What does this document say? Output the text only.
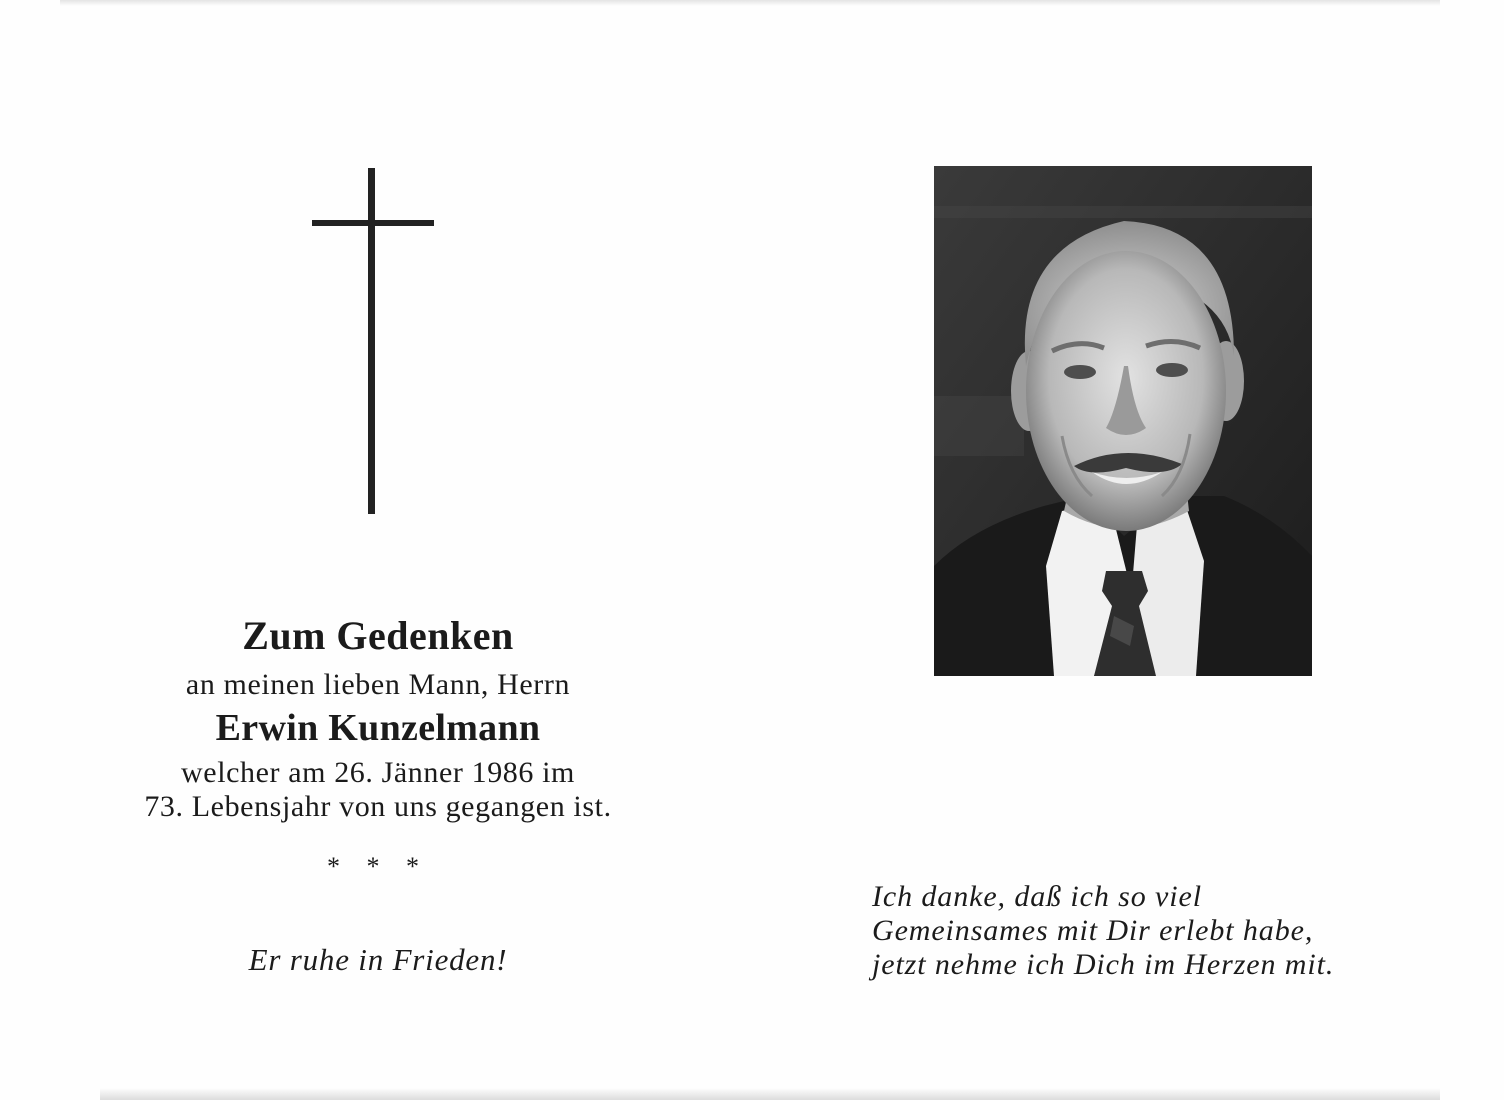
Zum Gedenken
an meinen lieben Mann, Herrn
Erwin Kunzelmann
welcher am 26. Jänner 1986 im
73. Lebensjahr von uns gegangen ist.
* * *
Er ruhe in Frieden!
Ich danke, daß ich so viel
Gemeinsames mit Dir erlebt habe,
jetzt nehme ich Dich im Herzen mit.
